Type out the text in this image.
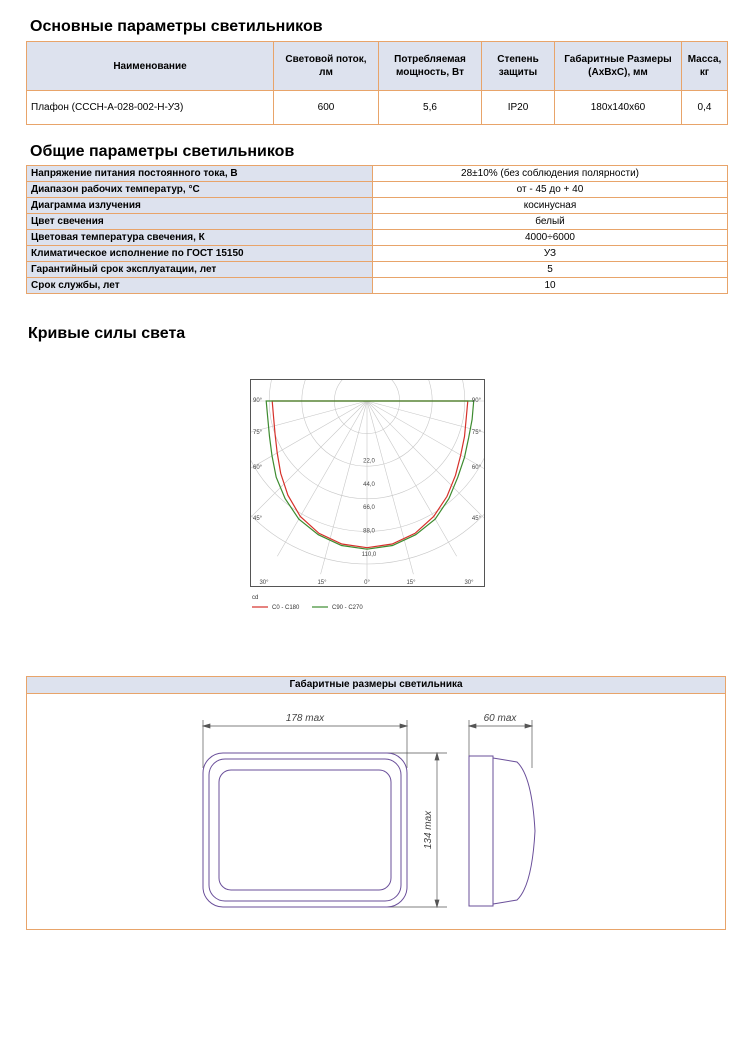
Основные параметры светильников
Наименование	Световой поток, лм	Потребляемая мощность, Вт	Степень защиты	Габаритные Размеры (АхВхС), мм	Масса, кг
Плафон (ССCН-А-028-002-Н-УЗ)	600	5,6	IP20	180х140х60	0,4
Общие параметры светильников
Напряжение питания постоянного тока, В	28±10% (без соблюдения полярности)
Диапазон рабочих температур, °С	от - 45 до + 40
Диаграмма излучения	косинусная
Цвет свечения	белый
Цветовая температура свечения, К	4000÷6000
Климатическое исполнение по ГОСТ 15150	УЗ
Гарантийный срок эксплуатации, лет	5
Срок службы, лет	10
Кривые силы света
22,0
44,0
66,0
88,0
110,0
90°
75°
60°
45°
90°
75°
60°
45°
30°	15°	0°	15°	30°
cd
C0 - C180	C90 - C270
Габаритные размеры светильника
178 max	60 max
134 max
